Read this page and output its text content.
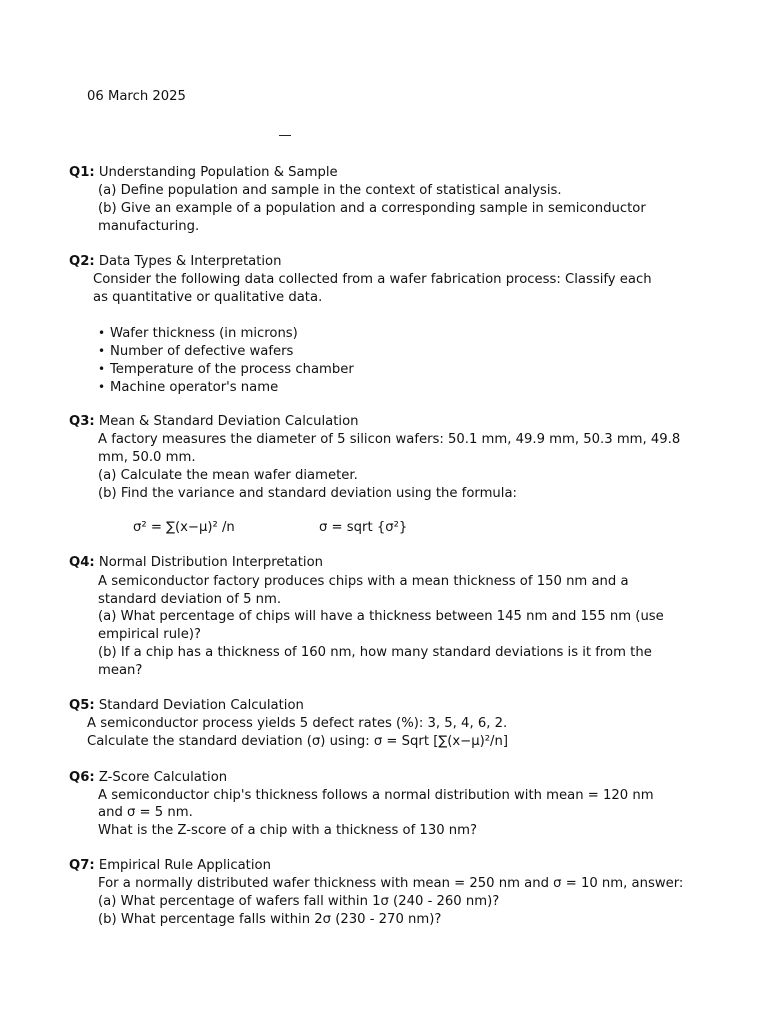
06 March 2025
Q1: Understanding Population & Sample
(a) Define population and sample in the context of statistical analysis.
(b) Give an example of a population and a corresponding sample in semiconductor
manufacturing.
Q2: Data Types & Interpretation
Consider the following data collected from a wafer fabrication process: Classify each
as quantitative or qualitative data.
• Wafer thickness (in microns)
• Number of defective wafers
• Temperature of the process chamber
• Machine operator's name
Q3: Mean & Standard Deviation Calculation
A factory measures the diameter of 5 silicon wafers: 50.1 mm, 49.9 mm, 50.3 mm, 49.8
mm, 50.0 mm.
(a) Calculate the mean wafer diameter.
(b) Find the variance and standard deviation using the formula:
σ² = ∑(x−μ)² /n	σ = sqrt {σ²}
Q4: Normal Distribution Interpretation
A semiconductor factory produces chips with a mean thickness of 150 nm and a
standard deviation of 5 nm.
(a) What percentage of chips will have a thickness between 145 nm and 155 nm (use
empirical rule)?
(b) If a chip has a thickness of 160 nm, how many standard deviations is it from the
mean?
Q5: Standard Deviation Calculation
A semiconductor process yields 5 defect rates (%): 3, 5, 4, 6, 2.
Calculate the standard deviation (σ) using: σ = Sqrt [∑(x−μ)²/n]
Q6: Z-Score Calculation
A semiconductor chip's thickness follows a normal distribution with mean = 120 nm
and σ = 5 nm.
What is the Z-score of a chip with a thickness of 130 nm?
Q7: Empirical Rule Application
For a normally distributed wafer thickness with mean = 250 nm and σ = 10 nm, answer:
(a) What percentage of wafers fall within 1σ (240 - 260 nm)?
(b) What percentage falls within 2σ (230 - 270 nm)?
